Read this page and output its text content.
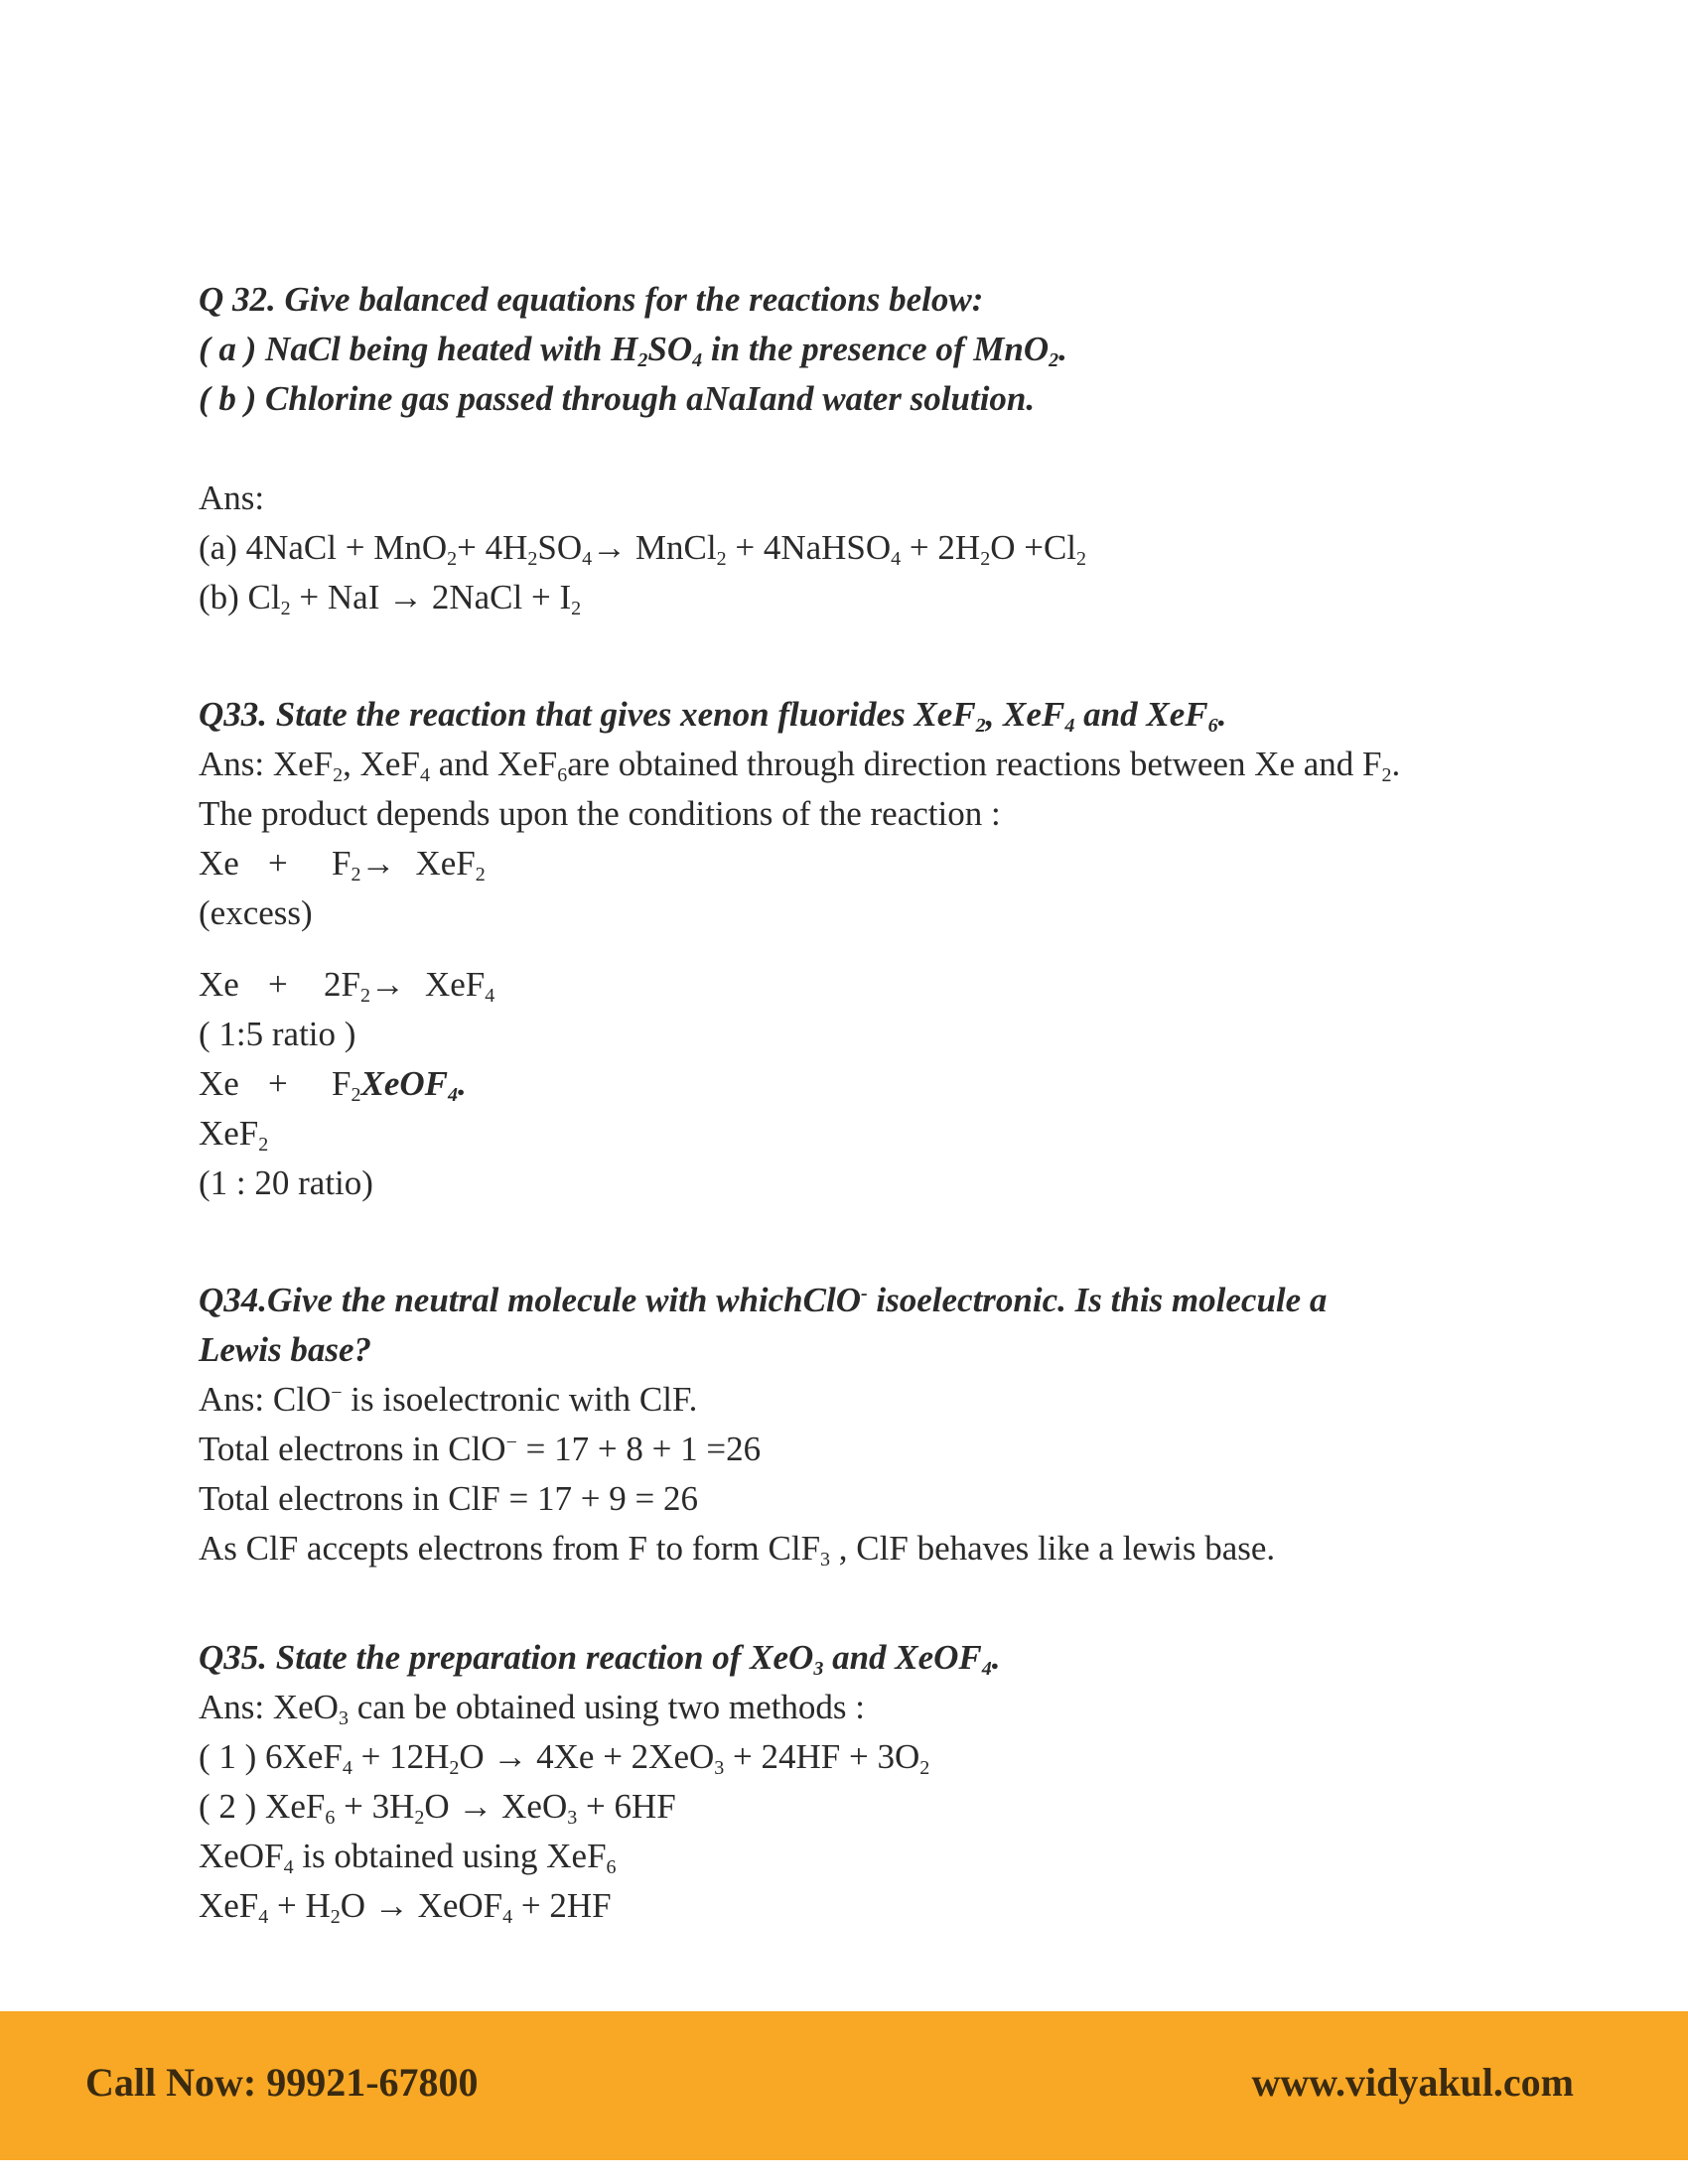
Q 32. Give balanced equations for the reactions below:
( a ) NaCl being heated with $H_2SO_4$ in the presence of MnO$_2$.
( b ) Chlorine gas passed through aNaIand water solution.
Ans:
(a) 4NaCl + $MnO_2+ 4H_2SO_4\to$ MnCl$_2$ + 4NaHSO$_4$ + $2H_2O +Cl_2$
(b) $Cl_2$ + NaI → 2NaCl + $I_2$
Q33. State the reaction that gives xenon fluorides XeF$_2$, XeF$_4$ and XeF$_6$.
Ans: XeF$_2$, XeF$_4$ and XeF$_6$are obtained through direction reactions between Xe and $F_2$.
The product depends upon the conditions of the reaction :
$Xe + F_2\to XeF_2$
(excess)
$Xe + 2F_2\to XeF_4$
( 1:5 ratio )
$Xe + F_2XeOF_4$.
XeF$_2$
(1 : 20 ratio)
Q34.Give the neutral molecule with whichClO- isoelectronic. Is this molecule a
Lewis base?
Ans: ClO− is isoelectronic with ClF.
Total electrons in ClO− = 17 + 8 + 1 =26
Total electrons in ClF = 17 + 9 = 26
As ClF accepts electrons from F to form ClF$_3$ , ClF behaves like a lewis base.
Q35. State the preparation reaction of XeO$_3$ and XeOF$_4$.
Ans: XeO$_3$ can be obtained using two methods :
( 1 ) $6XeF_4 + 12H_2O \to 4Xe + 2XeO_3 + 24HF + 3O_2$
( 2 ) $XeF_6 + 3H_2O \to XeO_3 + 6HF$
XeOF$_4$ is obtained using XeF$_6$
$XeF_4 + H_2O$ → XeOF$_4$ + 2HF
Call Now: 99921-67800	www.vidyakul.com
